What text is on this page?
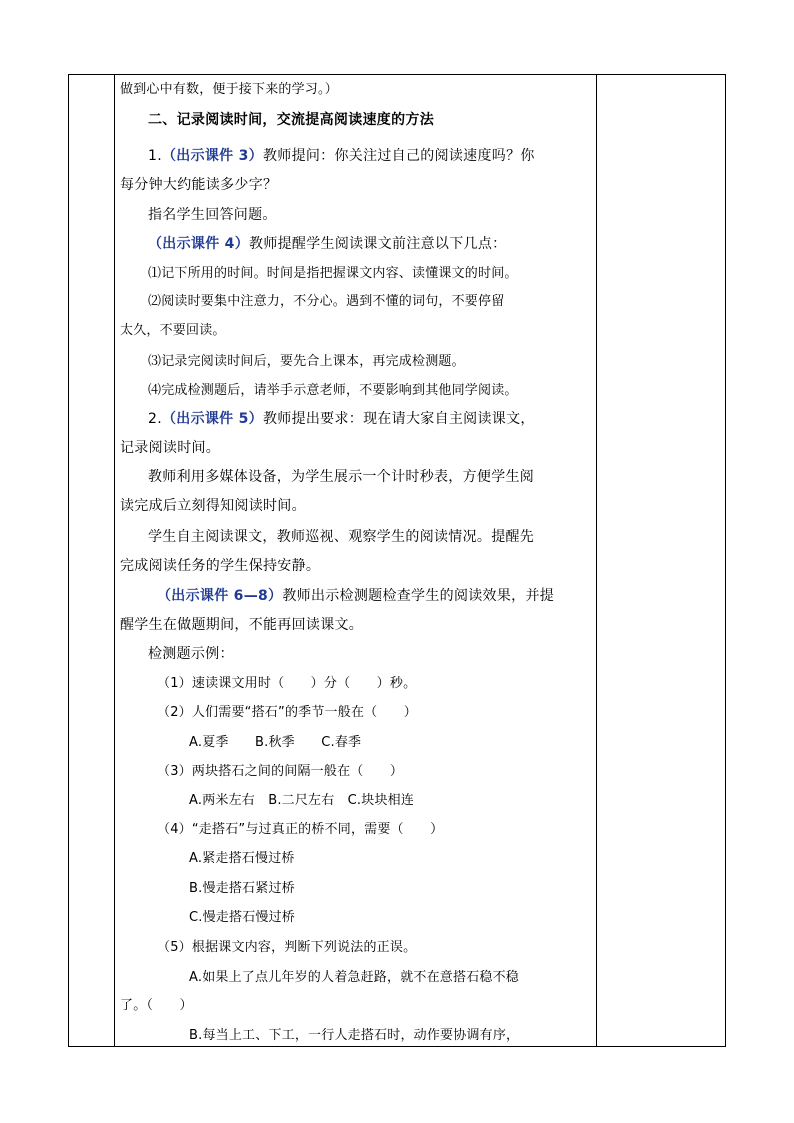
做到心中有数，便于接下来的学习。）
二、记录阅读时间，交流提高阅读速度的方法
1.（出示课件 3）教师提问：你关注过自己的阅读速度吗？你
每分钟大约能读多少字？
指名学生回答问题。
（出示课件 4）教师提醒学生阅读课文前注意以下几点：
⑴记下所用的时间。时间是指把握课文内容、读懂课文的时间。
⑵阅读时要集中注意力，不分心。遇到不懂的词句，不要停留
太久，不要回读。
⑶记录完阅读时间后，要先合上课本，再完成检测题。
⑷完成检测题后，请举手示意老师，不要影响到其他同学阅读。
2.（出示课件 5）教师提出要求：现在请大家自主阅读课文，
记录阅读时间。
教师利用多媒体设备，为学生展示一个计时秒表，方便学生阅
读完成后立刻得知阅读时间。
学生自主阅读课文，教师巡视、观察学生的阅读情况。提醒先
完成阅读任务的学生保持安静。
（出示课件 6—8）教师出示检测题检查学生的阅读效果，并提
醒学生在做题期间，不能再回读课文。
检测题示例：
（1）速读课文用时（　　）分（　　）秒。
（2）人们需要“搭石”的季节一般在（　　）
A.夏季　　B.秋季　　C.春季
（3）两块搭石之间的间隔一般在（　　）
A.两米左右　B.二尺左右　C.块块相连
（4）“走搭石”与过真正的桥不同，需要（　　）
A.紧走搭石慢过桥
B.慢走搭石紧过桥
C.慢走搭石慢过桥
（5）根据课文内容，判断下列说法的正误。
A.如果上了点儿年岁的人着急赶路，就不在意搭石稳不稳
了。（　　）
B.每当上工、下工，一行人走搭石时，动作要协调有序，
